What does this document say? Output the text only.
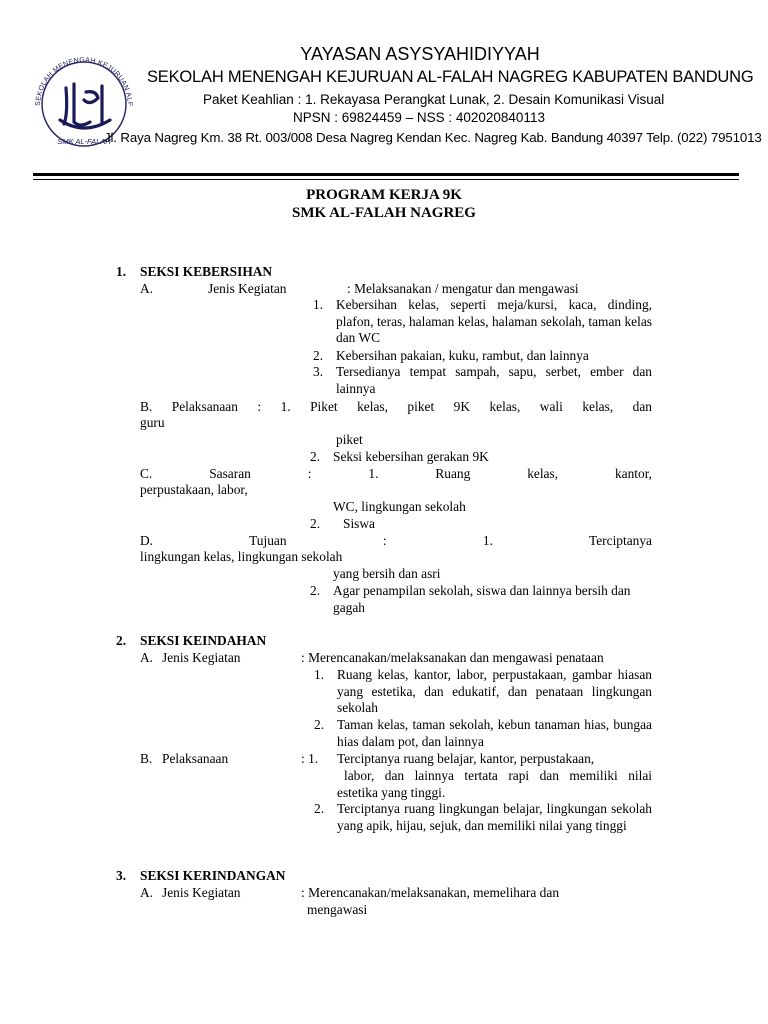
SEKOLAH MENENGAH KEJURUAN ALF
SMK AL-FALAH
YAYASAN ASYSYAHIDIYYAH
SEKOLAH MENENGAH KEJURUAN AL-FALAH NAGREG KABUPATEN BANDUNG
Paket Keahlian : 1. Rekayasa Perangkat Lunak, 2. Desain Komunikasi Visual
NPSN : 69824459 – NSS : 402020840113
Jl. Raya Nagreg Km. 38 Rt. 003/008 Desa Nagreg Kendan Kec. Nagreg Kab. Bandung 40397 Telp. (022) 7951013
PROGRAM KERJA 9K
SMK AL-FALAH NAGREG
1. SEKSI KEBERSIHAN
A.	Jenis Kegiatan	: Melaksanakan / mengatur dan mengawasi
1. Kebersihan kelas, seperti meja/kursi, kaca, dinding, plafon, teras, halaman kelas, halaman sekolah, taman kelas dan WC
2. Kebersihan pakaian, kuku, rambut, dan lainnya
3. Tersedianya tempat sampah, sapu, serbet, ember dan lainnya
B. Pelaksanaan : 1. Piket kelas, piket 9K kelas, wali kelas, dan
guru
piket
2. Seksi kebersihan gerakan 9K
C.	Sasaran	: 1.	Ruang kelas, kantor,
perpustakaan, labor,
WC, lingkungan sekolah
2. Siswa
D.	Tujuan	: 1.	Terciptanya
lingkungan kelas, lingkungan sekolah
yang bersih dan asri
2. Agar penampilan sekolah, siswa dan lainnya bersih dan gagah
2. SEKSI KEINDAHAN
A. Jenis Kegiatan	: Merencanakan/melaksanakan dan mengawasi penataan
1. Ruang kelas, kantor, labor, perpustakaan, gambar hiasan yang estetika, dan edukatif, dan penataan lingkungan sekolah
2. Taman kelas, taman sekolah, kebun tanaman hias, bungaa hias dalam pot, dan lainnya
B. Pelaksanaan	: 1. Terciptanya ruang belajar, kantor, perpustakaan,
labor, dan lainnya tertata rapi dan memiliki nilai
estetika yang tinggi.
2. Terciptanya ruang lingkungan belajar, lingkungan sekolah yang apik, hijau, sejuk, dan memiliki nilai yang tinggi
3. SEKSI KERINDANGAN
A. Jenis Kegiatan	: Merencanakan/melaksanakan, memelihara dan
mengawasi
